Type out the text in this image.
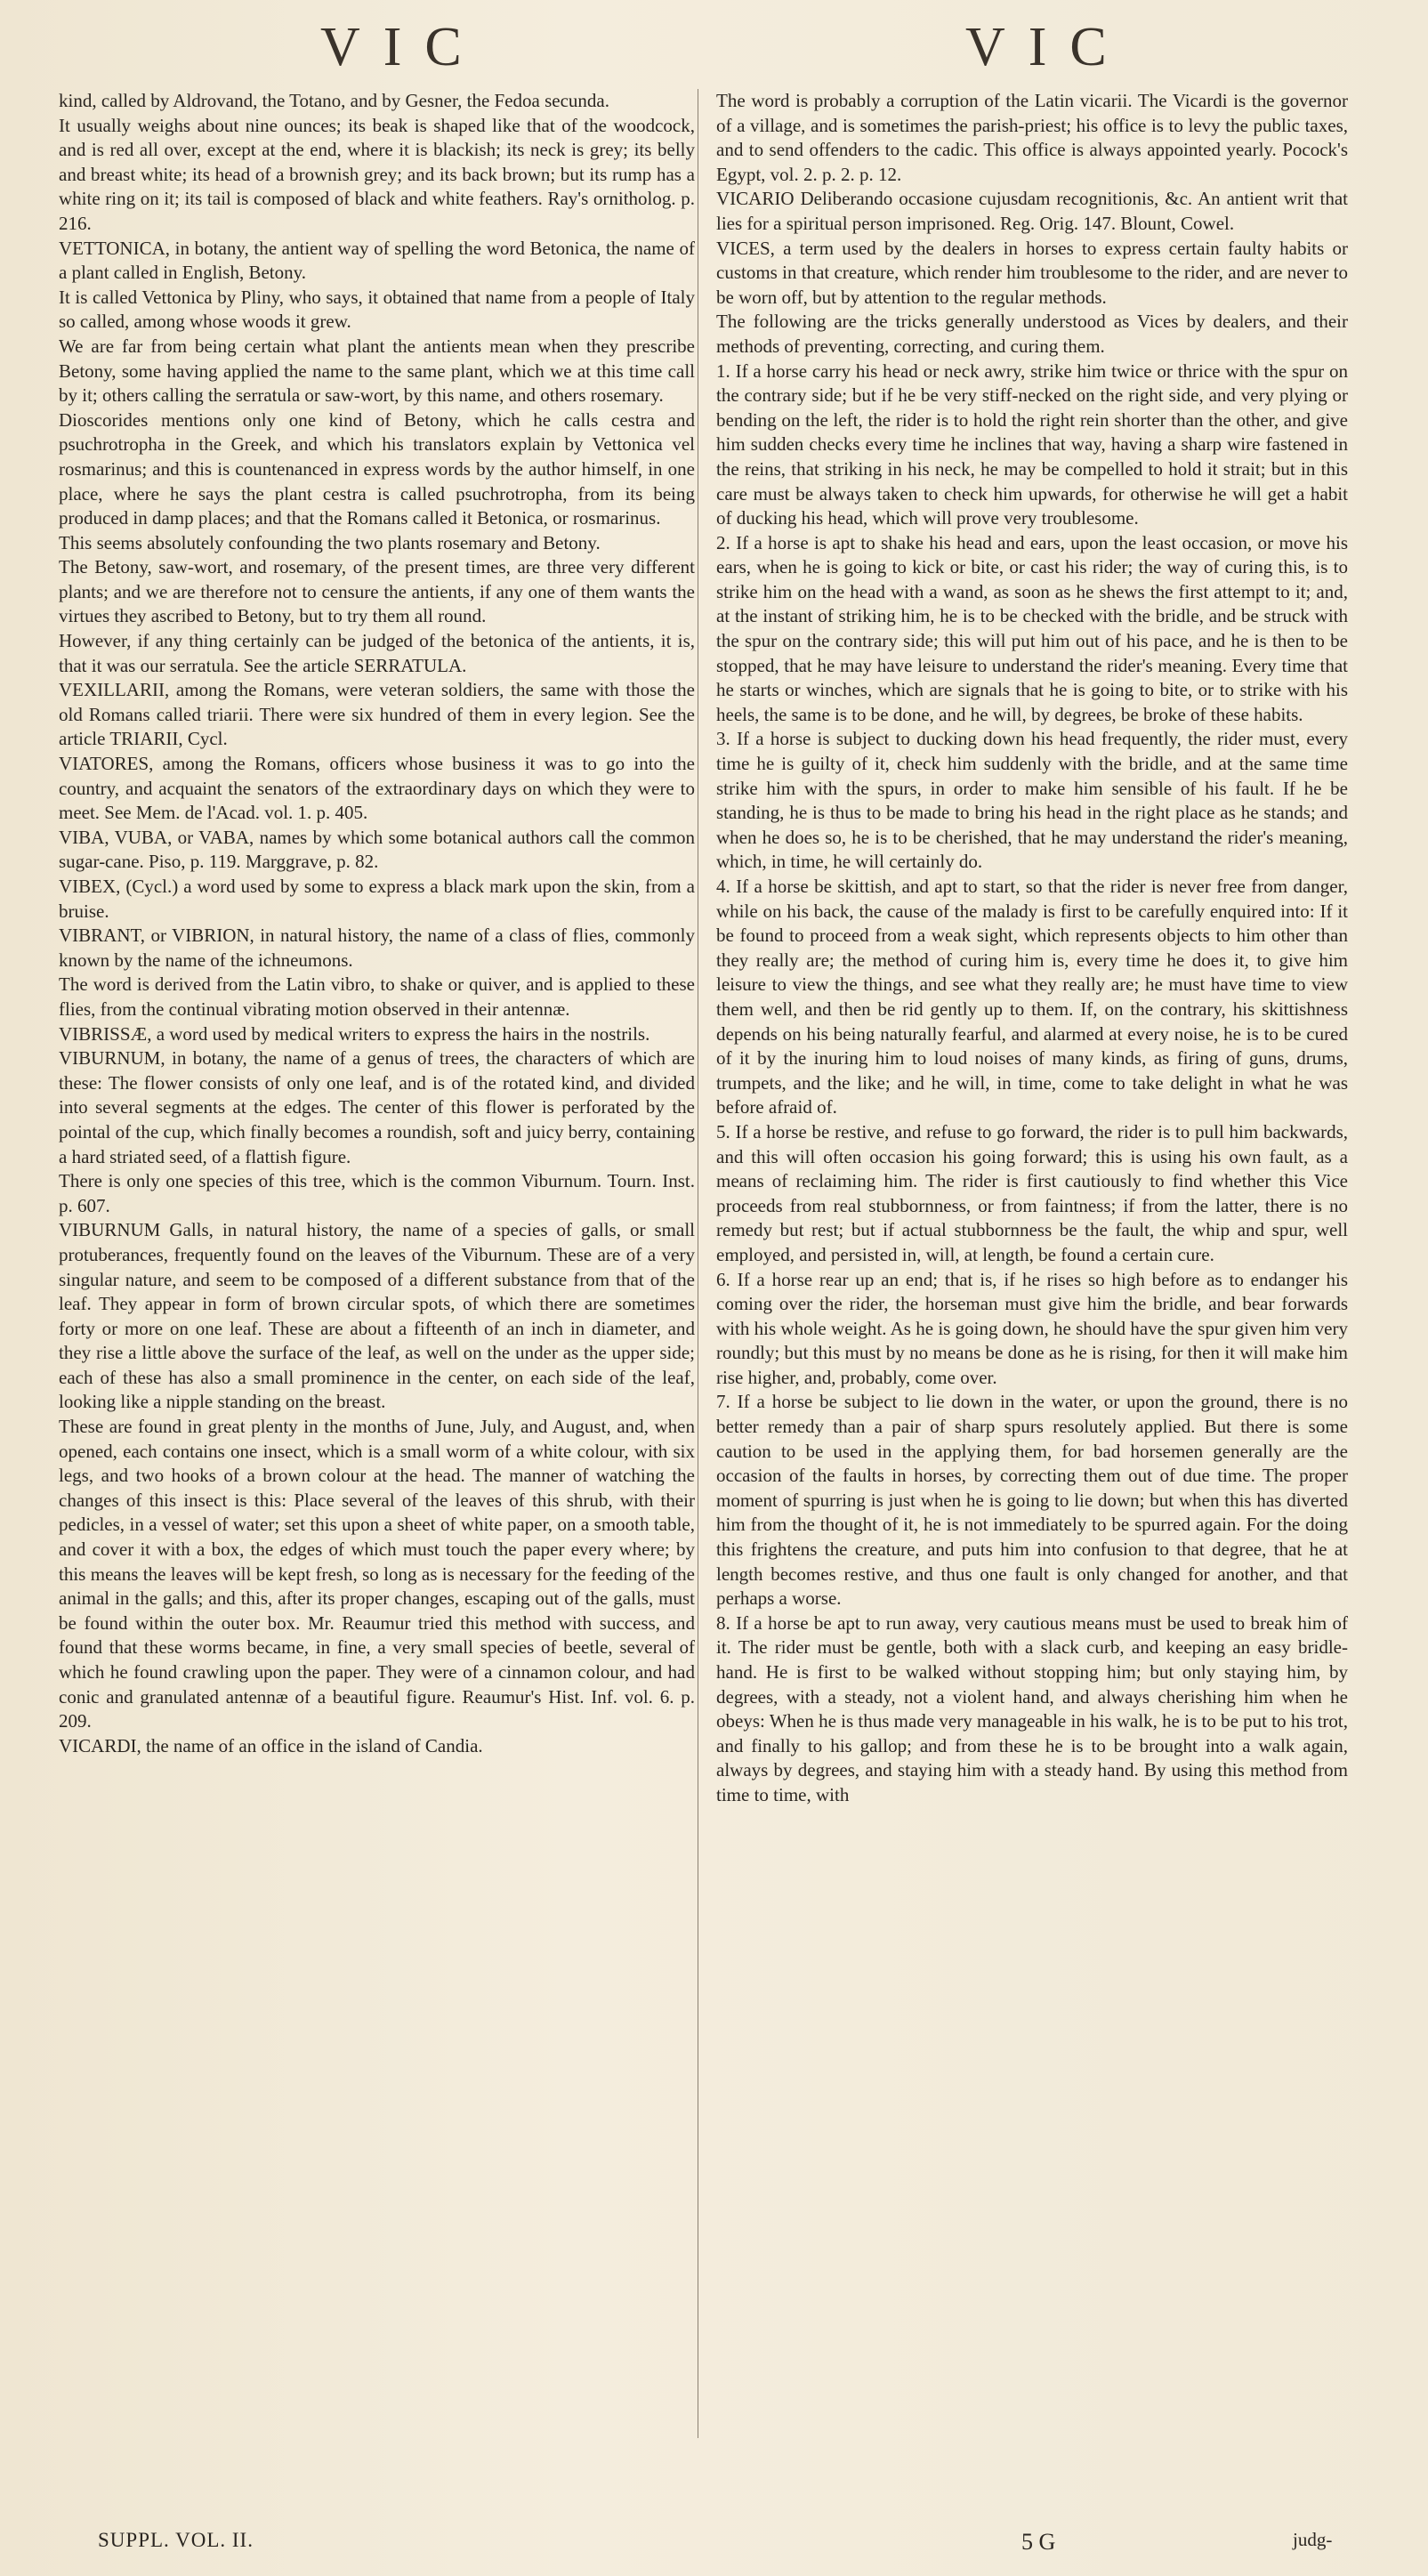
VIC	VIC

kind, called by Aldrovand, the Totano, and by Gesner, the Fedoa secunda.

It usually weighs about nine ounces; its beak is shaped like that of the woodcock, and is red all over, except at the end, where it is blackish; its neck is grey; its belly and breast white; its head of a brownish grey; and its back brown; but its rump has a white ring on it; its tail is composed of black and white feathers. Ray's ornitholog. p. 216.

VETTONICA, in botany, the antient way of spelling the word Betonica, the name of a plant called in English, Betony.

It is called Vettonica by Pliny, who says, it obtained that name from a people of Italy so called, among whose woods it grew.

We are far from being certain what plant the antients mean when they prescribe Betony, some having applied the name to the same plant, which we at this time call by it; others calling the serratula or saw-wort, by this name, and others rosemary.

Dioscorides mentions only one kind of Betony, which he calls cestra and psuchrotropha in the Greek, and which his translators explain by Vettonica vel rosmarinus; and this is countenanced in express words by the author himself, in one place, where he says the plant cestra is called psuchrotropha, from its being produced in damp places; and that the Romans called it Betonica, or rosmarinus.

This seems absolutely confounding the two plants rosemary and Betony.

The Betony, saw-wort, and rosemary, of the present times, are three very different plants; and we are therefore not to censure the antients, if any one of them wants the virtues they ascribed to Betony, but to try them all round.

However, if any thing certainly can be judged of the betonica of the antients, it is, that it was our serratula. See the article SERRATULA.

VEXILLARII, among the Romans, were veteran soldiers, the same with those the old Romans called triarii. There were six hundred of them in every legion. See the article TRIARII, Cycl.

VIATORES, among the Romans, officers whose business it was to go into the country, and acquaint the senators of the extraordinary days on which they were to meet. See Mem. de l'Acad. vol. 1. p. 405.

VIBA, VUBA, or VABA, names by which some botanical authors call the common sugar-cane. Piso, p. 119. Marggrave, p. 82.

VIBEX, (Cycl.) a word used by some to express a black mark upon the skin, from a bruise.

VIBRANT, or VIBRION, in natural history, the name of a class of flies, commonly known by the name of the ichneumons.

The word is derived from the Latin vibro, to shake or quiver, and is applied to these flies, from the continual vibrating motion observed in their antennæ.

VIBRISSÆ, a word used by medical writers to express the hairs in the nostrils.

VIBURNUM, in botany, the name of a genus of trees, the characters of which are these: The flower consists of only one leaf, and is of the rotated kind, and divided into several segments at the edges. The center of this flower is perforated by the pointal of the cup, which finally becomes a roundish, soft and juicy berry, containing a hard striated seed, of a flattish figure.

There is only one species of this tree, which is the common Viburnum. Tourn. Inst. p. 607.

VIBURNUM Galls, in natural history, the name of a species of galls, or small protuberances, frequently found on the leaves of the Viburnum. These are of a very singular nature, and seem to be composed of a different substance from that of the leaf. They appear in form of brown circular spots, of which there are sometimes forty or more on one leaf. These are about a fifteenth of an inch in diameter, and they rise a little above the surface of the leaf, as well on the under as the upper side; each of these has also a small prominence in the center, on each side of the leaf, looking like a nipple standing on the breast.

These are found in great plenty in the months of June, July, and August, and, when opened, each contains one insect, which is a small worm of a white colour, with six legs, and two hooks of a brown colour at the head. The manner of watching the changes of this insect is this: Place several of the leaves of this shrub, with their pedicles, in a vessel of water; set this upon a sheet of white paper, on a smooth table, and cover it with a box, the edges of which must touch the paper every where; by this means the leaves will be kept fresh, so long as is necessary for the feeding of the animal in the galls; and this, after its proper changes, escaping out of the galls, must be found within the outer box. Mr. Reaumur tried this method with success, and found that these worms became, in fine, a very small species of beetle, several of which he found crawling upon the paper. They were of a cinnamon colour, and had conic and granulated antennæ of a beautiful figure. Reaumur's Hist. Inf. vol. 6. p. 209.

VICARDI, the name of an office in the island of Candia.

The word is probably a corruption of the Latin vicarii. The Vicardi is the governor of a village, and is sometimes the parish-priest; his office is to levy the public taxes, and to send offenders to the cadic. This office is always appointed yearly. Pocock's Egypt, vol. 2. p. 2. p. 12.

VICARIO Deliberando occasione cujusdam recognitionis, &c. An antient writ that lies for a spiritual person imprisoned. Reg. Orig. 147. Blount, Cowel.

VICES, a term used by the dealers in horses to express certain faulty habits or customs in that creature, which render him troublesome to the rider, and are never to be worn off, but by attention to the regular methods.

The following are the tricks generally understood as Vices by dealers, and their methods of preventing, correcting, and curing them.

1. If a horse carry his head or neck awry, strike him twice or thrice with the spur on the contrary side; but if he be very stiff-necked on the right side, and very plying or bending on the left, the rider is to hold the right rein shorter than the other, and give him sudden checks every time he inclines that way, having a sharp wire fastened in the reins, that striking in his neck, he may be compelled to hold it strait; but in this care must be always taken to check him upwards, for otherwise he will get a habit of ducking his head, which will prove very troublesome.

2. If a horse is apt to shake his head and ears, upon the least occasion, or move his ears, when he is going to kick or bite, or cast his rider; the way of curing this, is to strike him on the head with a wand, as soon as he shews the first attempt to it; and, at the instant of striking him, he is to be checked with the bridle, and be struck with the spur on the contrary side; this will put him out of his pace, and he is then to be stopped, that he may have leisure to understand the rider's meaning. Every time that he starts or winches, which are signals that he is going to bite, or to strike with his heels, the same is to be done, and he will, by degrees, be broke of these habits.

3. If a horse is subject to ducking down his head frequently, the rider must, every time he is guilty of it, check him suddenly with the bridle, and at the same time strike him with the spurs, in order to make him sensible of his fault. If he be standing, he is thus to be made to bring his head in the right place as he stands; and when he does so, he is to be cherished, that he may understand the rider's meaning, which, in time, he will certainly do.

4. If a horse be skittish, and apt to start, so that the rider is never free from danger, while on his back, the cause of the malady is first to be carefully enquired into: If it be found to proceed from a weak sight, which represents objects to him other than they really are; the method of curing him is, every time he does it, to give him leisure to view the things, and see what they really are; he must have time to view them well, and then be rid gently up to them. If, on the contrary, his skittishness depends on his being naturally fearful, and alarmed at every noise, he is to be cured of it by the inuring him to loud noises of many kinds, as firing of guns, drums, trumpets, and the like; and he will, in time, come to take delight in what he was before afraid of.

5. If a horse be restive, and refuse to go forward, the rider is to pull him backwards, and this will often occasion his going forward; this is using his own fault, as a means of reclaiming him. The rider is first cautiously to find whether this Vice proceeds from real stubbornness, or from faintness; if from the latter, there is no remedy but rest; but if actual stubbornness be the fault, the whip and spur, well employed, and persisted in, will, at length, be found a certain cure.

6. If a horse rear up an end; that is, if he rises so high before as to endanger his coming over the rider, the horseman must give him the bridle, and bear forwards with his whole weight. As he is going down, he should have the spur given him very roundly; but this must by no means be done as he is rising, for then it will make him rise higher, and, probably, come over.

7. If a horse be subject to lie down in the water, or upon the ground, there is no better remedy than a pair of sharp spurs resolutely applied. But there is some caution to be used in the applying them, for bad horsemen generally are the occasion of the faults in horses, by correcting them out of due time. The proper moment of spurring is just when he is going to lie down; but when this has diverted him from the thought of it, he is not immediately to be spurred again. For the doing this frightens the creature, and puts him into confusion to that degree, that he at length becomes restive, and thus one fault is only changed for another, and that perhaps a worse.

8. If a horse be apt to run away, very cautious means must be used to break him of it. The rider must be gentle, both with a slack curb, and keeping an easy bridle-hand. He is first to be walked without stopping him; but only staying him, by degrees, with a steady, not a violent hand, and always cherishing him when he obeys: When he is thus made very manageable in his walk, he is to be put to his trot, and finally to his gallop; and from these he is to be brought into a walk again, always by degrees, and staying him with a steady hand. By using this method from time to time, with

SUPPL. VOL. II.	5 G	judg-
